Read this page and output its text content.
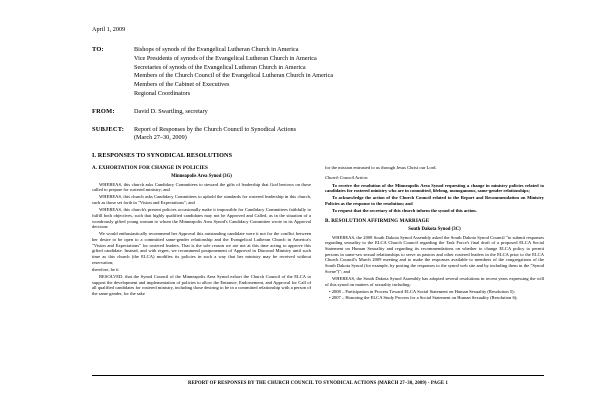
April 1, 2009
TO:	Bishops of synods of the Evangelical Lutheran Church in America
Vice Presidents of synods of the Evangelical Lutheran Church in America
Secretaries of synods of the Evangelical Lutheran Church in America
Members of the Church Council of the Evangelical Lutheran Church in America
Members of the Cabinet of Executives
Regional Coordinators
FROM:	David D. Swartling, secretary
SUBJECT:	Report of Responses by the Church Council to Synodical Actions
(March 27–30, 2009)
I. RESPONSES TO SYNODICAL RESOLUTIONS
A. EXHORTATION FOR CHANGE IN POLICIES
Minneapolis Area Synod (3G)
WHEREAS, this church asks Candidacy Committees to steward the gifts of leadership that God bestows on those called to prepare for rostered ministry; and
WHEREAS, this church asks Candidacy Committees to uphold the standards for rostered leadership in this church, such as those set forth in "Vision and Expectations"; and
WHEREAS, this church's present policies occasionally make it impossible for Candidacy Committees faithfully to fulfill both objectives, such that highly qualified candidates may not be Approved and Called, as in the situation of a wondrously gifted young woman to whom the Minneapolis Area Synod's Candidacy Committee wrote in its Approval decision:
We would enthusiastically recommend her Approval this outstanding candidate were it not for the conflict between her desire to be open to a committed same-gender relationship and the Evangelical Lutheran Church in America's "Vision and Expectations" for rostered leaders. That is the sole reason we are not at this time acting to approve this gifted candidate. Instead, and with regret, we recommend postponement of Approval in Diaconal Ministry until such time as this church (the ELCA) modifies its policies in such a way that her ministry may be received without reservation;
therefore, be it
RESOLVED, that the Synod Council of the Minneapolis Area Synod exhort the Church Council of the ELCA to support the development and implementation of policies to allow the Entrance, Endorsement, and Approval for Call of all qualified candidates for rostered ministry, including those desiring to be in a committed relationship with a person of the same gender, for the sake
for the mission entrusted to us through Jesus Christ our Lord.
Church Council Action:
To receive the resolution of the Minneapolis Area Synod requesting a change in ministry policies related to candidates for rostered ministry who are in committed, lifelong, monogamous, same-gender relationships;
To acknowledge the action of the Church Council related to the Report and Recommendation on Ministry Policies as the response to the resolution; and
To request that the secretary of this church inform the synod of this action.
B. RESOLUTION AFFIRMING MARRIAGE
South Dakota Synod (3C)
WHEREAS, the 2008 South Dakota Synod Assembly asked the South Dakota Synod Council "to submit responses regarding sexuality to the ELCA Church Council regarding the Task Force's final draft of a proposed ELCA Social Statement on Human Sexuality and regarding its recommendations on whether to change ELCA policy to permit persons in same-sex sexual relationships to serve as pastors and other rostered leaders in the ELCA prior to the ELCA Church Council's March 2009 meeting and to make the responses available to members of the congregations of the South Dakota Synod (for example, by posting the responses to the synod web site and by including them in the "Synod Scene")"; and
WHEREAS, the South Dakota Synod Assembly has adopted several resolutions in recent years expressing the will of this synod on matters of sexuality including:
• 2008 – Participation in Process Toward ELCA Social Statement on Human Sexuality (Resolution 5);
• 2007 – Honoring the ELCA Study Process for a Social Statement on Human Sexuality (Resolution 6);
REPORT OF RESPONSES BY THE CHURCH COUNCIL TO SYNODICAL ACTIONS (MARCH 27–30, 2009) - PAGE 1
